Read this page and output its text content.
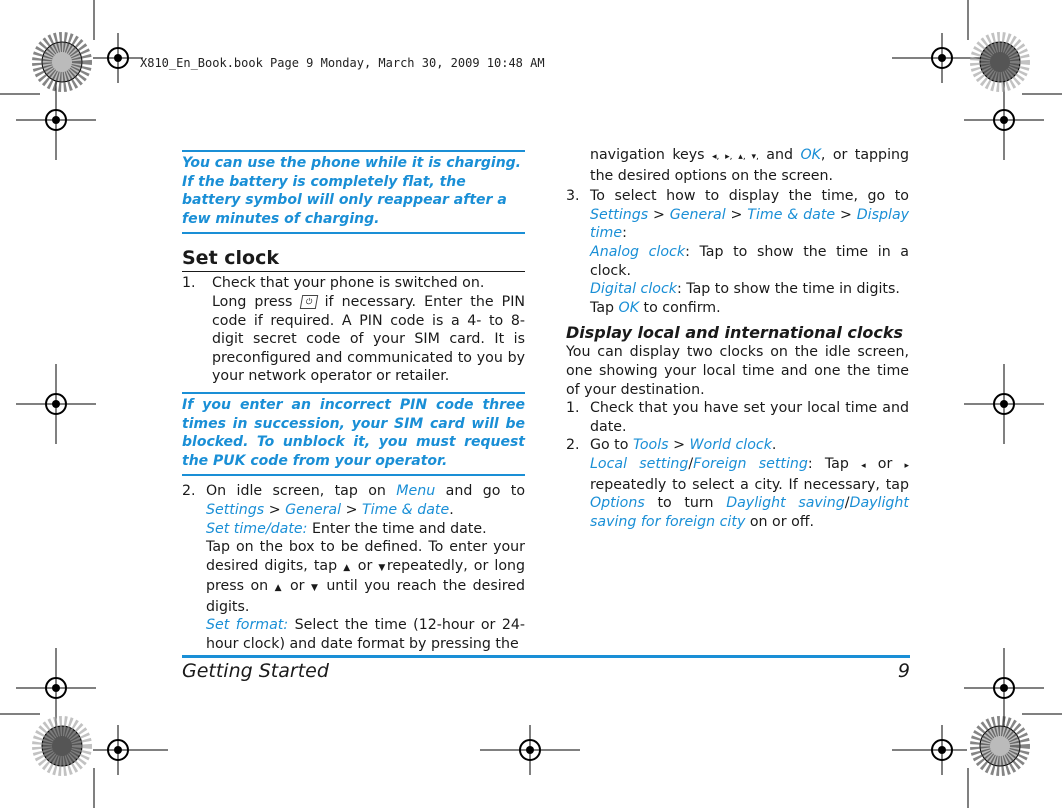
X810_En_Book.book Page 9 Monday, March 30, 2009 10:48 AM
You can use the phone while it is charging. If the battery is completely flat, the battery symbol will only reappear after a few minutes of charging.
Set clock
1. Check that your phone is switched on.
Long press ⏻ if necessary. Enter the PIN code if required. A PIN code is a 4- to 8-digit secret code of your SIM card. It is preconfigured and communicated to you by your network operator or retailer.
If you enter an incorrect PIN code three times in succession, your SIM card will be blocked. To unblock it, you must request the PUK code from your operator.
2. On idle screen, tap on Menu and go to Settings > General > Time & date.
Set time/date: Enter the time and date.
Tap on the box to be defined. To enter your desired digits, tap ▲ or ▼repeatedly, or long press on ▲ or ▼ until you reach the desired digits.
Set format: Select the time (12-hour or 24-hour clock) and date format by pressing the
navigation keys ◂, ▸, ▴, ▾, and OK, or tapping the desired options on the screen.
3. To select how to display the time, go to Settings > General > Time & date > Display time:
Analog clock: Tap to show the time in a clock.
Digital clock: Tap to show the time in digits.
Tap OK to confirm.
Display local and international clocks
You can display two clocks on the idle screen, one showing your local time and one the time of your destination.
1. Check that you have set your local time and date.
2. Go to Tools > World clock.
Local setting/Foreign setting: Tap ◂ or ▸ repeatedly to select a city. If necessary, tap Options to turn Daylight saving/Daylight saving for foreign city on or off.
Getting Started	9
